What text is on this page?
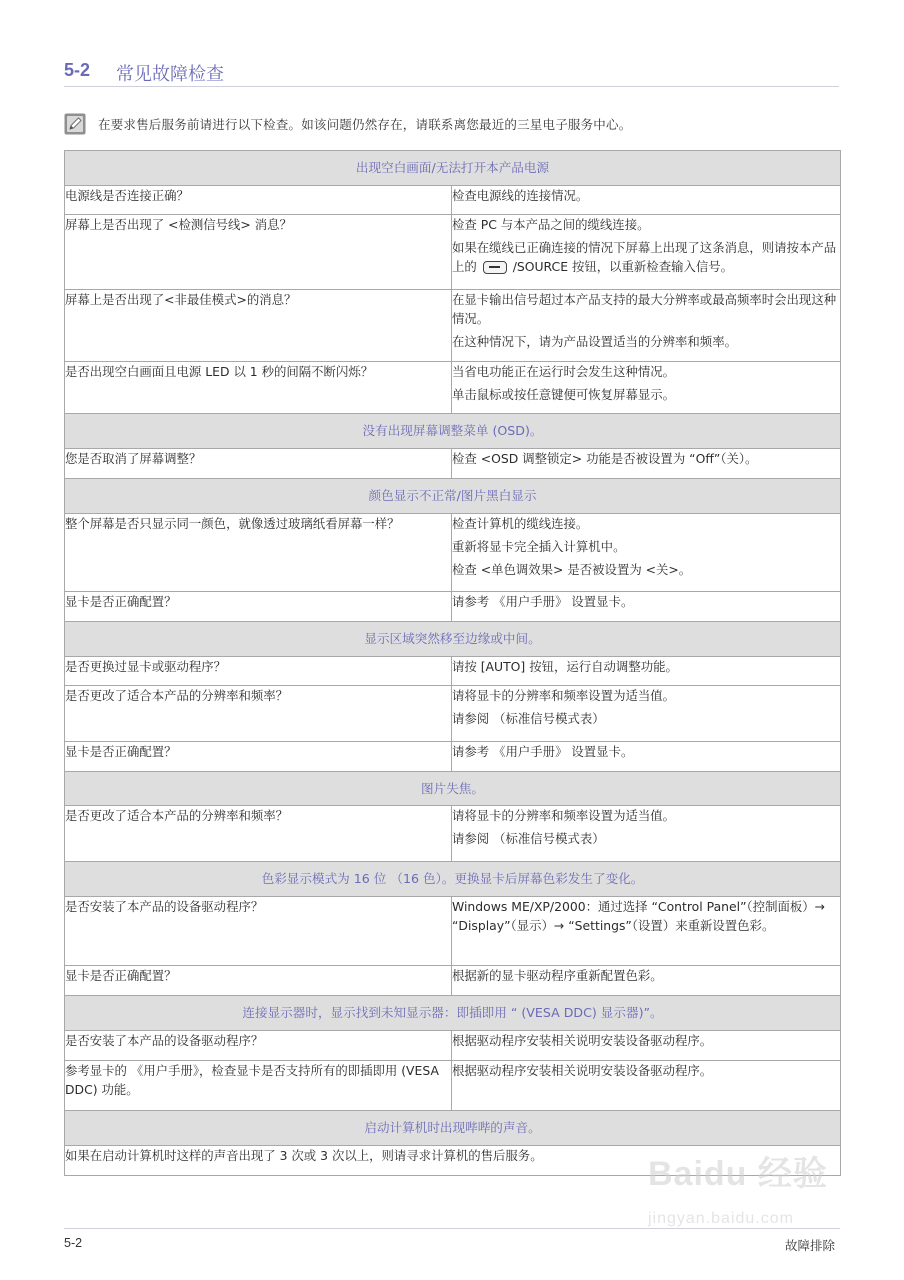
5-2 常见故障检查
在要求售后服务前请进行以下检查。如该问题仍然存在，请联系离您最近的三星电子服务中心。
出现空白画面/无法打开本产品电源	
电源线是否连接正确？	检查电源线的连接情况。

屏幕上是否出现了 <检测信号线> 消息？	检查 PC 与本产品之间的缆线连接。

如果在缆线已正确连接的情况下屏幕上出现了这条消息，则请按本产品上的 /SOURCE 按钮，以重新检查输入信号。

屏幕上是否出现了<非最佳模式>的消息？	在显卡输出信号超过本产品支持的最大分辨率或最高频率时会出现这种情况。

在这种情况下，请为产品设置适当的分辨率和频率。

是否出现空白画面且电源 LED 以 1 秒的间隔不断闪烁？	当省电功能正在运行时会发生这种情况。

单击鼠标或按任意键便可恢复屏幕显示。

没有出现屏幕调整菜单 (OSD)。	
您是否取消了屏幕调整？	检查 <OSD 调整锁定> 功能是否被设置为 “Off”（关）。

颜色显示不正常/图片黑白显示	
整个屏幕是否只显示同一颜色，就像透过玻璃纸看屏幕一样？	检查计算机的缆线连接。

重新将显卡完全插入计算机中。

检查 <单色调效果> 是否被设置为 <关>。

显卡是否正确配置？	请参考 《用户手册》 设置显卡。

显示区域突然移至边缘或中间。	
是否更换过显卡或驱动程序？	请按 [AUTO] 按钮，运行自动调整功能。

是否更改了适合本产品的分辨率和频率？	请将显卡的分辨率和频率设置为适当值。

请参阅 （标准信号模式表）

显卡是否正确配置？	请参考 《用户手册》 设置显卡。

图片失焦。	
是否更改了适合本产品的分辨率和频率？	请将显卡的分辨率和频率设置为适当值。

请参阅 （标准信号模式表）

色彩显示模式为 16 位 （16 色）。更换显卡后屏幕色彩发生了变化。	
是否安装了本产品的设备驱动程序？	Windows ME/XP/2000：通过选择 “Control Panel”（控制面板）→ “Display”（显示）→ “Settings”（设置）来重新设置色彩。

显卡是否正确配置？	根据新的显卡驱动程序重新配置色彩。

连接显示器时，显示找到未知显示器：即插即用 “ (VESA DDC) 显示器)”。	
是否安装了本产品的设备驱动程序？	根据驱动程序安装相关说明安装设备驱动程序。

参考显卡的 《用户手册》，检查显卡是否支持所有的即插即用 (VESA DDC) 功能。	根据驱动程序安装相关说明安装设备驱动程序。

启动计算机时出现哔哔的声音。	
如果在启动计算机时这样的声音出现了 3 次或 3 次以上，则请寻求计算机的售后服务。		Baidu 经验
jingyan.baidu.com
5-2	故障排除
